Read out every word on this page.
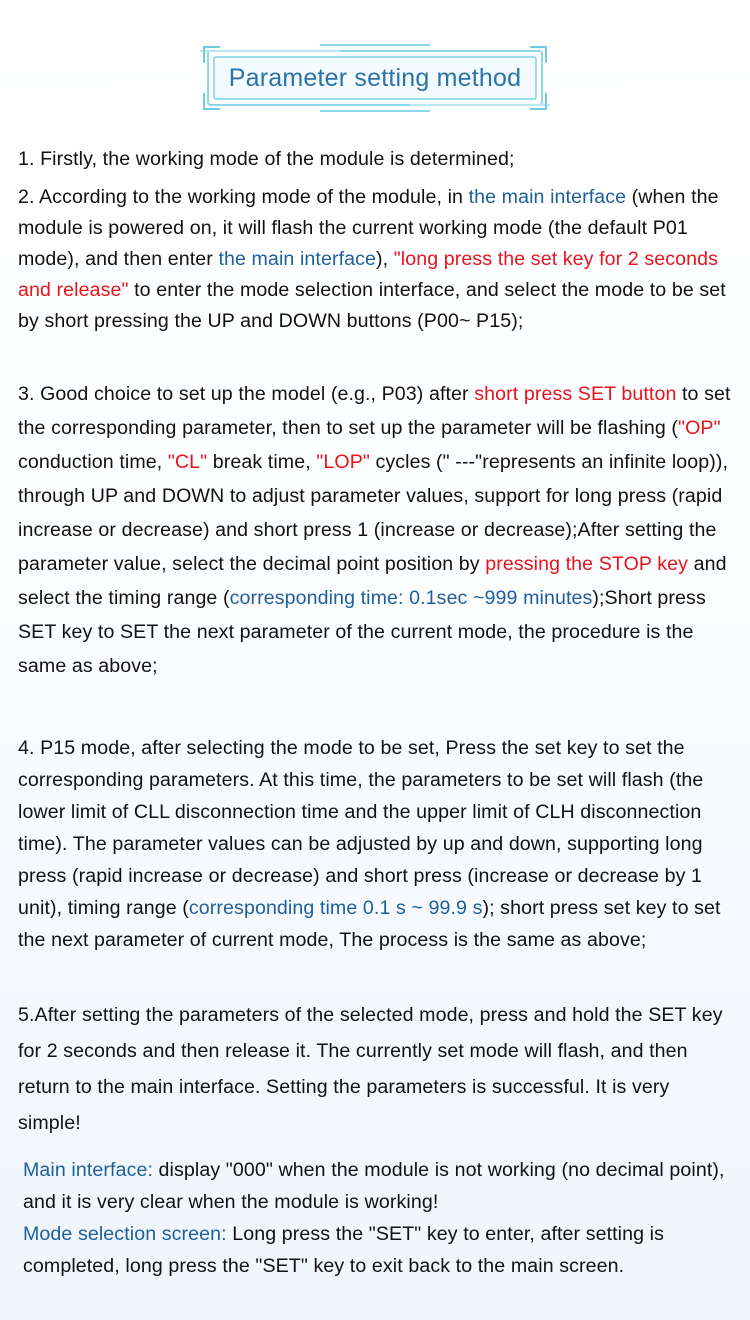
Parameter setting method

1. Firstly, the working mode of the module is determined;

2. According to the working mode of the module, in the main interface (when the module is powered on, it will flash the current working mode (the default P01 mode), and then enter the main interface), "long press the set key for 2 seconds and release" to enter the mode selection interface, and select the mode to be set by short pressing the UP and DOWN buttons (P00~ P15);

3. Good choice to set up the model (e.g., P03) after short press SET button to set the corresponding parameter, then to set up the parameter will be flashing ("OP" conduction time, "CL" break time, "LOP" cycles (" ---"represents an infinite loop)), through UP and DOWN to adjust parameter values, support for long press (rapid increase or decrease) and short press 1 (increase or decrease);After setting the parameter value, select the decimal point position by pressing the STOP key and select the timing range (corresponding time: 0.1sec ~999 minutes);Short press SET key to SET the next parameter of the current mode, the procedure is the same as above;

4. P15 mode, after selecting the mode to be set, Press the set key to set the corresponding parameters. At this time, the parameters to be set will flash (the lower limit of CLL disconnection time and the upper limit of CLH disconnection time). The parameter values can be adjusted by up and down, supporting long press (rapid increase or decrease) and short press (increase or decrease by 1 unit), timing range (corresponding time 0.1 s ~ 99.9 s); short press set key to set the next parameter of current mode, The process is the same as above;

5.After setting the parameters of the selected mode, press and hold the SET key for 2 seconds and then release it. The currently set mode will flash, and then return to the main interface. Setting the parameters is successful. It is very simple!

Main interface: display "000" when the module is not working (no decimal point), and it is very clear when the module is working!
Mode selection screen: Long press the "SET" key to enter, after setting is completed, long press the "SET" key to exit back to the main screen.
